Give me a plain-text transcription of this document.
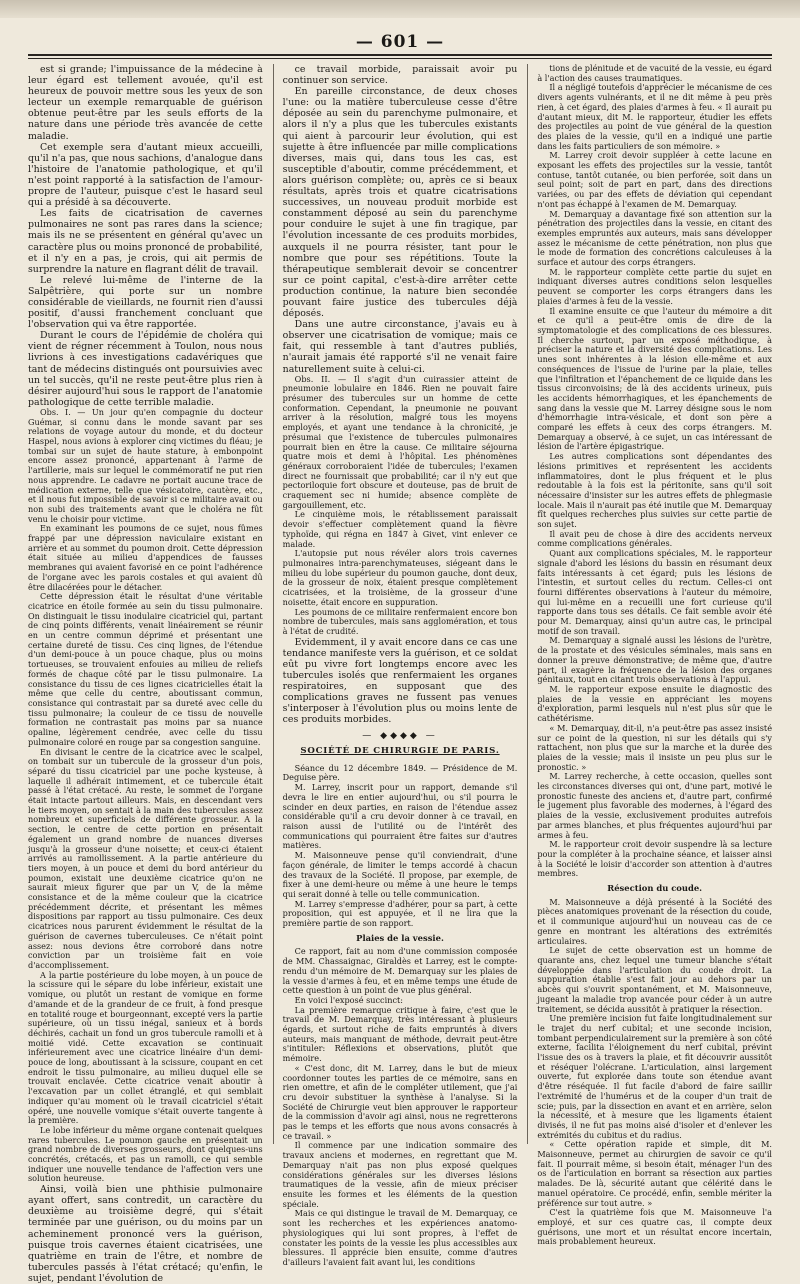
— 601 —

est si grande; l'impuissance de la médecine à leur égard est tellement avouée, qu'il est heureux de pouvoir mettre sous les yeux de son lecteur un exemple remarquable de guérison obtenue peut-être par les seuls efforts de la nature dans une période très avancée de cette maladie.

Cet exemple sera d'autant mieux accueilli, qu'il n'a pas, que nous sachions, d'analogue dans l'histoire de l'anatomie pathologique, et qu'il n'est point rapporté à la satisfaction de l'amour-propre de l'auteur, puisque c'est le hasard seul qui a présidé à sa découverte.

Les faits de cicatrisation de cavernes pulmonaires ne sont pas rares dans la science; mais ils ne se présentent en général qu'avec un caractère plus ou moins prononcé de probabilité, et il n'y en a pas, je crois, qui ait permis de surprendre la nature en flagrant délit de travail.

Le relevé lui-même de l'interne de la Salpêtrière, qui porte sur un nombre considérable de vieillards, ne fournit rien d'aussi positif, d'aussi franchement concluant que l'observation qui va être rapportée.

Durant le cours de l'épidémie de choléra qui vient de régner récemment à Toulon, nous nous livrions à ces investigations cadavériques que tant de médecins distingués ont poursuivies avec un tel succès, qu'il ne reste peut-être plus rien à désirer aujourd'hui sous le rapport de l'anatomie pathologique de cette terrible maladie.

Obs. I. — Un jour qu'en compagnie du docteur Guémar, si connu dans le monde savant par ses relations de voyage autour du monde, et du docteur Haspel, nous avions à explorer cinq victimes du fléau; je tombai sur un sujet de haute stature, à embonpoint encore assez prononcé, appartenant à l'arme de l'artillerie, mais sur lequel le commémoratif ne put rien nous apprendre. Le cadavre ne portait aucune trace de médication externe, telle que vésicatoire, cautère, etc., et il nous fut impossible de savoir si ce militaire avait ou non subi des traitements avant que le choléra ne fût venu le choisir pour victime.

En examinant les poumons de ce sujet, nous fûmes frappé par une dépression naviculaire existant en arrière et au sommet du poumon droit. Cette dépression était située au milieu d'appendices de fausses membranes qui avaient favorisé en ce point l'adhérence de l'organe avec les parois costales et qui avaient dû être dilacérées pour le détacher.

Cette dépression était le résultat d'une véritable cicatrice en étoile formée au sein du tissu pulmonaire. On distinguait le tissu inodulaire cicatriciel qui, partant de cinq points différents, venait linéairement se réunir en un centre commun déprimé et présentant une certaine dureté de tissu. Ces cinq lignes, de l'étendue d'un demi-pouce à un pouce chaque, plus ou moins tortueuses, se trouvaient enfouies au milieu de reliefs formés de chaque côté par le tissu pulmonaire. La consistance du tissu de ces lignes cicatricielles était la même que celle du centre, aboutissant commun, consistance qui contrastait par sa dureté avec celle du tissu pulmonaire; la couleur de ce tissu de nouvelle formation ne contrastait pas moins par sa nuance opaline, légèrement cendrée, avec celle du tissu pulmonaire coloré en rouge par sa congestion sanguine.

En divisant le centre de la cicatrice avec le scalpel, on tombait sur un tubercule de la grosseur d'un pois, séparé du tissu cicatriciel par une poche kysteuse, à laquelle il adhérait intimement, et ce tubercule était passé à l'état crétacé. Au reste, le sommet de l'organe était intacte partout ailleurs. Mais, en descendant vers le tiers moyen, on sentait à la main des tubercules assez nombreux et superficiels de différente grosseur. A la section, le centre de cette portion en présentait également un grand nombre de nuances diverses jusqu'à la grosseur d'une noisette; et ceux-ci étaient arrivés au ramollissement. A la partie antérieure du tiers moyen, à un pouce et demi du bord antérieur du poumon, existait une deuxième cicatrice qu'on ne saurait mieux figurer que par un V, de la même consistance et de la même couleur que la cicatrice précédemment décrite, et présentant les mêmes dispositions par rapport au tissu pulmonaire. Ces deux cicatrices nous parurent évidemment le résultat de la guérison de cavernes tuberculeuses. Ce n'était point assez: nous devions être corroboré dans notre conviction par un troisième fait en voie d'accomplissement.

A la partie postérieure du lobe moyen, à un pouce de la scissure qui le sépare du lobe inférieur, existait une vomique, ou plutôt un restant de vomique en forme d'amande et de la grandeur de ce fruit, à fond presque en totalité rouge et bourgeonnant, excepté vers la partie supérieure, où un tissu inégal, sanieux et à bords déchirés, cachait un fond un gros tubercule ramolli et à moitié vidé. Cette excavation se continuait inférieurement avec une cicatrice linéaire d'un demi-pouce de long, aboutissant à la scissure, coupant en cet endroit le tissu pulmonaire, au milieu duquel elle se trouvait enclavée. Cette cicatrice venait aboutir à l'excavation par un collet étranglé, et qui semblait indiquer qu'au moment où le travail cicatriciel s'était opéré, une nouvelle vomique s'était ouverte tangente à la première.

Le lobe inférieur du même organe contenait quelques rares tubercules. Le poumon gauche en présentait un grand nombre de diverses grosseurs, dont quelques-uns concrétés, crétacés, et pas un ramolli, ce qui semble indiquer une nouvelle tendance de l'affection vers une solution heureuse.

Ainsi, voilà bien une phthisie pulmonaire ayant offert, sans contredit, un caractère du deuxième au troisième degré, qui s'était terminée par une guérison, ou du moins par un acheminement prononcé vers la guérison, puisque trois cavernes étaient cicatrisées, une quatrième en train de l'être, et nombre de tubercules passés à l'état crétacé; qu'enfin, le sujet, pendant l'évolution de

ce travail morbide, paraissait avoir pu continuer son service.

En pareille circonstance, de deux choses l'une: ou la matière tuberculeuse cesse d'être déposée au sein du parenchyme pulmonaire, et alors il n'y a plus que les tubercules existants qui aient à parcourir leur évolution, qui est sujette à être influencée par mille complications diverses, mais qui, dans tous les cas, est susceptible d'aboutir, comme précédemment, et alors guérison complète; ou, après ce si beaux résultats, après trois et quatre cicatrisations successives, un nouveau produit morbide est constamment déposé au sein du parenchyme pour conduire le sujet à une fin tragique, par l'évolution incessante de ces produits morbides, auxquels il ne pourra résister, tant pour le nombre que pour ses répétitions. Toute la thérapeutique semblerait devoir se concentrer sur ce point capital, c'est-à-dire arrêter cette production continue, la nature bien secondée pouvant faire justice des tubercules déjà déposés.

Dans une autre circonstance, j'avais eu à observer une cicatrisation de vomique; mais ce fait, qui ressemble à tant d'autres publiés, n'aurait jamais été rapporté s'il ne venait faire naturellement suite à celui-ci.

Obs. II. — Il s'agit d'un cuirassier atteint de pneumonie lobulaire en 1846. Rien ne pouvait faire présumer des tubercules sur un homme de cette conformation. Cependant, la pneumonie ne pouvant arriver à la résolution, malgré tous les moyens employés, et ayant une tendance à la chronicité, je présumai que l'existence de tubercules pulmonaires pourrait bien en être la cause. Ce militaire séjourna quatre mois et demi à l'hôpital. Les phénomènes généraux corroboraient l'idée de tubercules; l'examen direct ne fournissait que probabilité; car il n'y eut que pectoriloquie fort obscure et douteuse, pas de bruit de craquement sec ni humide; absence complète de gargouillement, etc.

Le cinquième mois, le rétablissement paraissait devoir s'effectuer complètement quand la fièvre typhoïde, qui régna en 1847 à Givet, vint enlever ce malade.

L'autopsie put nous révéler alors trois cavernes pulmonaires intra-parenchymateuses, siégeant dans le milieu du lobe supérieur du poumon gauche, dont deux, de la grosseur de noix, étaient presque complètement cicatrisées, et la troisième, de la grosseur d'une noisette, était encore en suppuration.

Les poumons de ce militaire renfermaient encore bon nombre de tubercules, mais sans agglomération, et tous à l'état de crudité.

Evidemment, il y avait encore dans ce cas une tendance manifeste vers la guérison, et ce soldat eût pu vivre fort longtemps encore avec les tubercules isolés que renfermaient les organes respiratoires, en supposant que des complications graves ne fussent pas venues s'interposer à l'évolution plus ou moins lente de ces produits morbides.

— ◆◆◆◆ —
SOCIÉTÉ DE CHIRURGIE DE PARIS.

Séance du 12 décembre 1849. — Présidence de M. Deguise père.

M. Larrey, inscrit pour un rapport, demande s'il devra le lire en entier aujourd'hui, ou s'il pourra le scinder en deux parties, en raison de l'étendue assez considérable qu'il a cru devoir donner à ce travail, en raison aussi de l'utilité ou de l'intérêt des communications qui pourraient être faites sur d'autres matières.

M. Maisonneuve pense qu'il conviendrait, d'une façon générale, de limiter le temps accordé à chacun des travaux de la Société. Il propose, par exemple, de fixer à une demi-heure ou même à une heure le temps qui serait donné à telle ou telle communication.

M. Larrey s'empresse d'adhérer, pour sa part, à cette proposition, qui est appuyée, et il ne lira que la première partie de son rapport.

Plaies de la vessie.

Ce rapport, fait au nom d'une commission composée de MM. Chassaignac, Giraldès et Larrey, est le compte-rendu d'un mémoire de M. Demarquay sur les plaies de la vessie d'armes à feu, et en même temps une étude de cette question à un point de vue plus général.

En voici l'exposé succinct:

La première remarque critique à faire, c'est que le travail de M. Demarquay, très intéressant à plusieurs égards, et surtout riche de faits empruntés à divers auteurs, mais manquant de méthode, devrait peut-être s'intituler: Réflexions et observations, plutôt que mémoire.

« C'est donc, dit M. Larrey, dans le but de mieux coordonner toutes les parties de ce mémoire, sans en rien omettre, et afin de le compléter utilement, que j'ai cru devoir substituer la synthèse à l'analyse. Si la Société de Chirurgie veut bien approuver le rapporteur de la commission d'avoir agi ainsi, nous ne regretterons pas le temps et les efforts que nous avons consacrés à ce travail. »

Il commence par une indication sommaire des travaux anciens et modernes, en regrettant que M. Demarquay n'ait pas non plus exposé quelques considérations générales sur les diverses lésions traumatiques de la vessie, afin de mieux préciser ensuite les formes et les éléments de la question spéciale.

Mais ce qui distingue le travail de M. Demarquay, ce sont les recherches et les expériences anatomo-physiologiques qui lui sont propres, à l'effet de constater les points de la vessie les plus accessibles aux blessures. Il apprécie bien ensuite, comme d'autres d'ailleurs l'avaient fait avant lui, les conditions

tions de plénitude et de vacuité de la vessie, eu égard à l'action des causes traumatiques.

Il a négligé toutefois d'apprécier le mécanisme de ces divers agents vulnérants, et il ne dit même à peu près rien, à cet égard, des plaies d'armes à feu. « Il aurait pu d'autant mieux, dit M. le rapporteur, étudier les effets des projectiles au point de vue général de la question des plaies de la vessie, qu'il en a indiqué une partie dans les faits particuliers de son mémoire. »

M. Larrey croit devoir suppléer à cette lacune en exposant les effets des projectiles sur la vessie, tantôt contuse, tantôt cutanée, ou bien perforée, soit dans un seul point; soit de part en part, dans des directions variées, ou par des effets de déviation qui cependant n'ont pas échappé à l'examen de M. Demarquay.

M. Demarquay a davantage fixé son attention sur la pénétration des projectiles dans la vessie, en citant des exemples empruntés aux auteurs, mais sans développer assez le mécanisme de cette pénétration, non plus que le mode de formation des concrétions calculeuses à la surface et autour des corps étrangers.

M. le rapporteur complète cette partie du sujet en indiquant diverses autres conditions selon lesquelles peuvent se comporter les corps étrangers dans les plaies d'armes à feu de la vessie.

Il examine ensuite ce que l'auteur du mémoire a dit et ce qu'il a peut-être omis de dire de la symptomatologie et des complications de ces blessures. Il cherche surtout, par un exposé méthodique, à préciser la nature et la diversité des complications. Les unes sont inhérentes à la lésion elle-même et aux conséquences de l'issue de l'urine par la plaie, telles que l'infiltration et l'épanchement de ce liquide dans les tissus circonvoisins; de là des accidents urineux, puis les accidents hémorrhagiques, et les épanchements de sang dans la vessie que M. Larrey désigne sous le nom d'hémorrhagie intra-vésicale, et dont son père a comparé les effets à ceux des corps étrangers. M. Demarquay a observé, à ce sujet, un cas intéressant de lésion de l'artère épigastrique.

Les autres complications sont dépendantes des lésions primitives et représentent les accidents inflammatoires, dont le plus fréquent et le plus redoutable à la fois est la péritonite, sans qu'il soit nécessaire d'insister sur les autres effets de phlegmasie locale. Mais il n'aurait pas été inutile que M. Demarquay fît quelques recherches plus suivies sur cette partie de son sujet.

Il avait peu de chose à dire des accidents nerveux comme complications générales.

Quant aux complications spéciales, M. le rapporteur signale d'abord les lésions du bassin en résumant deux faits intéressants à cet égard; puis les lésions de l'intestin, et surtout celles du rectum. Celles-ci ont fourni différentes observations à l'auteur du mémoire, qui lui-même en a recueilli une fort curieuse qu'il rapporte dans tous ses détails. Ce fait semble avoir été pour M. Demarquay, ainsi qu'un autre cas, le principal motif de son travail.

M. Demarquay a signalé aussi les lésions de l'urètre, de la prostate et des vésicules séminales, mais sans en donner la preuve démonstrative; de même que, d'autre part, il exagère la fréquence de la lésion des organes génitaux, tout en citant trois observations à l'appui.

M. le rapporteur expose ensuite le diagnostic des plaies de la vessie en appréciant les moyens d'exploration, parmi lesquels nul n'est plus sûr que le cathétérisme.

« M. Demarquay, dit-il, n'a peut-être pas assez insisté sur ce point de la question, ni sur les détails qui s'y rattachent, non plus que sur la marche et la durée des plaies de la vessie; mais il insiste un peu plus sur le pronostic. »

M. Larrey recherche, à cette occasion, quelles sont les circonstances diverses qui ont, d'une part, motivé le pronostic funeste des anciens et, d'autre part, confirmé le jugement plus favorable des modernes, à l'égard des plaies de la vessie, exclusivement produites autrefois par armes blanches, et plus fréquentes aujourd'hui par armes à feu.

M. le rapporteur croit devoir suspendre là sa lecture pour la compléter à la prochaine séance, et laisser ainsi à la Société le loisir d'accorder son attention à d'autres membres.

Résection du coude.

M. Maisonneuve a déjà présenté à la Société des pièces anatomiques provenant de la résection du coude, et il communique aujourd'hui un nouveau cas de ce genre en montrant les altérations des extrémités articulaires.

Le sujet de cette observation est un homme de quarante ans, chez lequel une tumeur blanche s'était développée dans l'articulation du coude droit. La suppuration établie s'est fait jour au dehors par un abcès qui s'ouvrit spontanément, et M. Maisonneuve, jugeant la maladie trop avancée pour céder à un autre traitement, se décida aussitôt à pratiquer la résection.

Une première incision fut faite longitudinalement sur le trajet du nerf cubital; et une seconde incision, tombant perpendiculairement sur la première à son côté externe, facilita l'éloignement du nerf cubital, prévint l'issue des os à travers la plaie, et fit découvrir aussitôt et réséquer l'olécrane. L'articulation, ainsi largement ouverte, fut explorée dans toute son étendue avant d'être réséquée. Il fut facile d'abord de faire saillir l'extrémité de l'humérus et de la couper d'un trait de scie; puis, par la dissection en avant et en arrière, selon la nécessité, et à mesure que les ligaments étaient divisés, il ne fut pas moins aisé d'isoler et d'enlever les extrémités du cubitus et du radius.

« Cette opération rapide et simple, dit M. Maisonneuve, permet au chirurgien de savoir ce qu'il fait. Il pourrait même, si besoin était, ménager l'un des os de l'articulation en borrant sa résection aux parties malades. De là, sécurité autant que célérité dans le manuel opératoire. Ce procédé, enfin, semble mériter la préférence sur tout autre. »

C'est la quatrième fois que M. Maisonneuve l'a employé, et sur ces quatre cas, il compte deux guérisons, une mort et un résultat encore incertain, mais probablement heureux.
